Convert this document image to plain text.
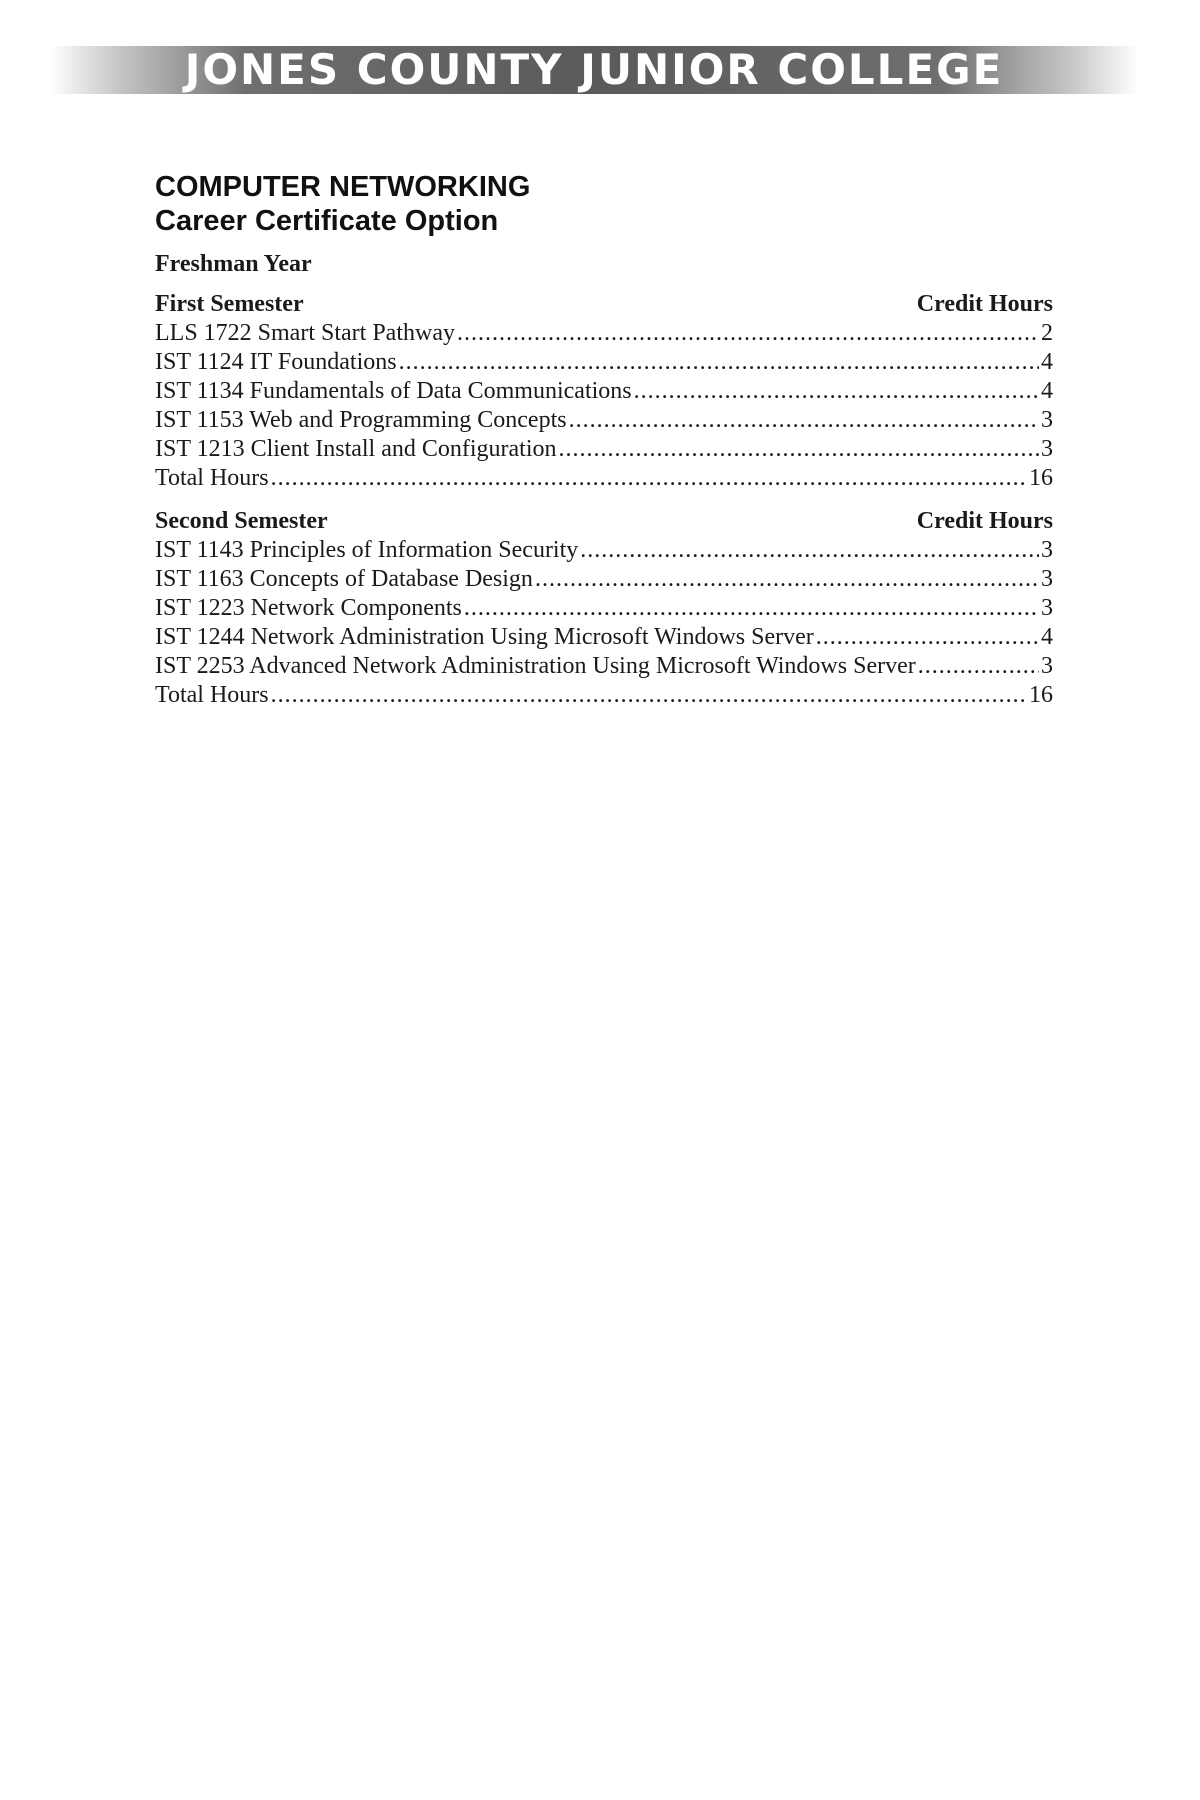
JONES COUNTY JUNIOR COLLEGE
COMPUTER NETWORKING
Career Certificate Option
Freshman Year
First Semester	Credit Hours
LLS 1722 Smart Start Pathway .....	2
IST 1124 IT Foundations .....	4
IST 1134 Fundamentals of Data Communications .....	4
IST 1153 Web and Programming Concepts .....	3
IST 1213 Client Install and Configuration .....	3
Total Hours .....	16
Second Semester	Credit Hours
IST 1143 Principles of Information Security .....	3
IST 1163 Concepts of Database Design .....	3
IST 1223 Network Components .....	3
IST 1244 Network Administration Using Microsoft Windows Server .....	4
IST 2253 Advanced Network Administration Using Microsoft Windows Server .....	3
Total Hours .....	16
